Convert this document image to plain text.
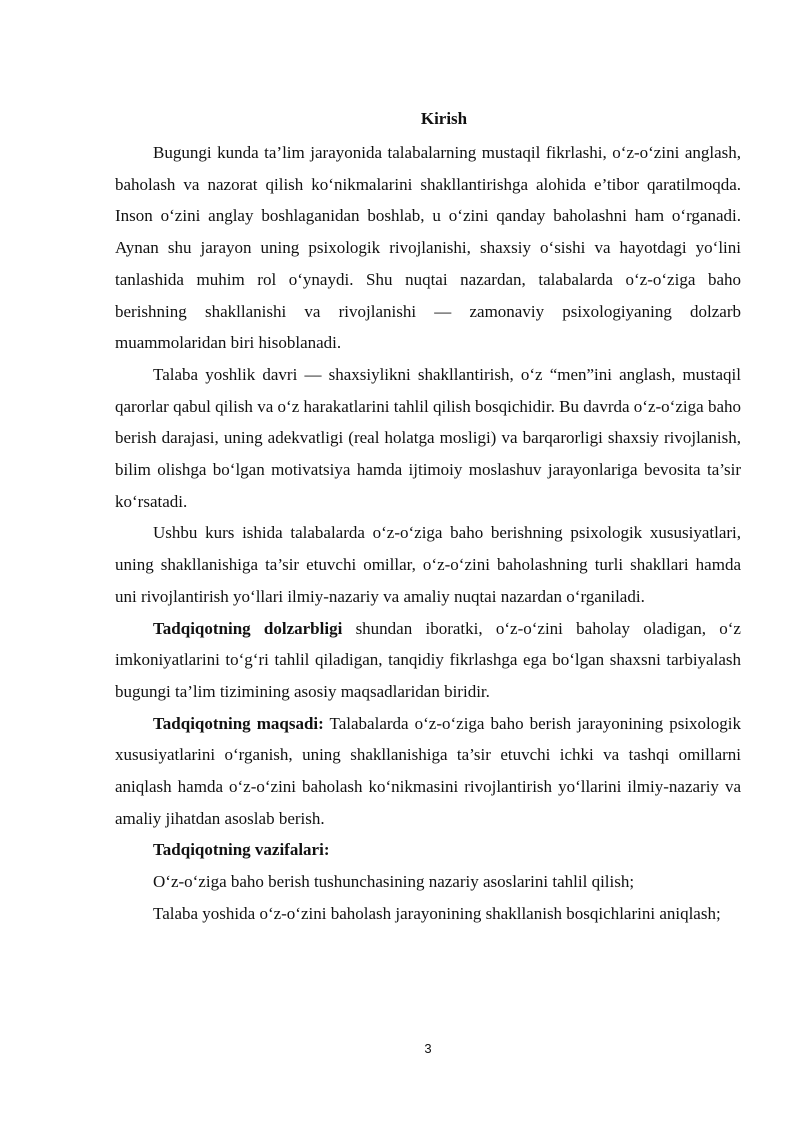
Kirish

Bugungi kunda ta’lim jarayonida talabalarning mustaqil fikrlashi, o‘z-o‘zini anglash, baholash va nazorat qilish ko‘nikmalarini shakllantirishga alohida e’tibor qaratilmoqda. Inson o‘zini anglay boshlaganidan boshlab, u o‘zini qanday baholashni ham o‘rganadi. Aynan shu jarayon uning psixologik rivojlanishi, shaxsiy o‘sishi va hayotdagi yo‘lini tanlashida muhim rol o‘ynaydi. Shu nuqtai nazardan, talabalarda o‘z-o‘ziga baho berishning shakllanishi va rivojlanishi — zamonaviy psixologiyaning dolzarb muammolaridan biri hisoblanadi.

Talaba yoshlik davri — shaxsiylikni shakllantirish, o‘z “men”ini anglash, mustaqil qarorlar qabul qilish va o‘z harakatlarini tahlil qilish bosqichidir. Bu davrda o‘z-o‘ziga baho berish darajasi, uning adekvatligi (real holatga mosligi) va barqarorligi shaxsiy rivojlanish, bilim olishga bo‘lgan motivatsiya hamda ijtimoiy moslashuv jarayonlariga bevosita ta’sir ko‘rsatadi.

Ushbu kurs ishida talabalarda o‘z-o‘ziga baho berishning psixologik xususiyatlari, uning shakllanishiga ta’sir etuvchi omillar, o‘z-o‘zini baholashning turli shakllari hamda uni rivojlantirish yo‘llari ilmiy-nazariy va amaliy nuqtai nazardan o‘rganiladi.

Tadqiqotning dolzarbligi shundan iboratki, o‘z-o‘zini baholay oladigan, o‘z imkoniyatlarini to‘g‘ri tahlil qiladigan, tanqidiy fikrlashga ega bo‘lgan shaxsni tarbiyalash bugungi ta’lim tizimining asosiy maqsadlaridan biridir.

Tadqiqotning maqsadi: Talabalarda o‘z-o‘ziga baho berish jarayonining psixologik xususiyatlarini o‘rganish, uning shakllanishiga ta’sir etuvchi ichki va tashqi omillarni aniqlash hamda o‘z-o‘zini baholash ko‘nikmasini rivojlantirish yo‘llarini ilmiy-nazariy va amaliy jihatdan asoslab berish.

Tadqiqotning vazifalari:

O‘z-o‘ziga baho berish tushunchasining nazariy asoslarini tahlil qilish;

Talaba yoshida o‘z-o‘zini baholash jarayonining shakllanish bosqichlarini aniqlash;

3
